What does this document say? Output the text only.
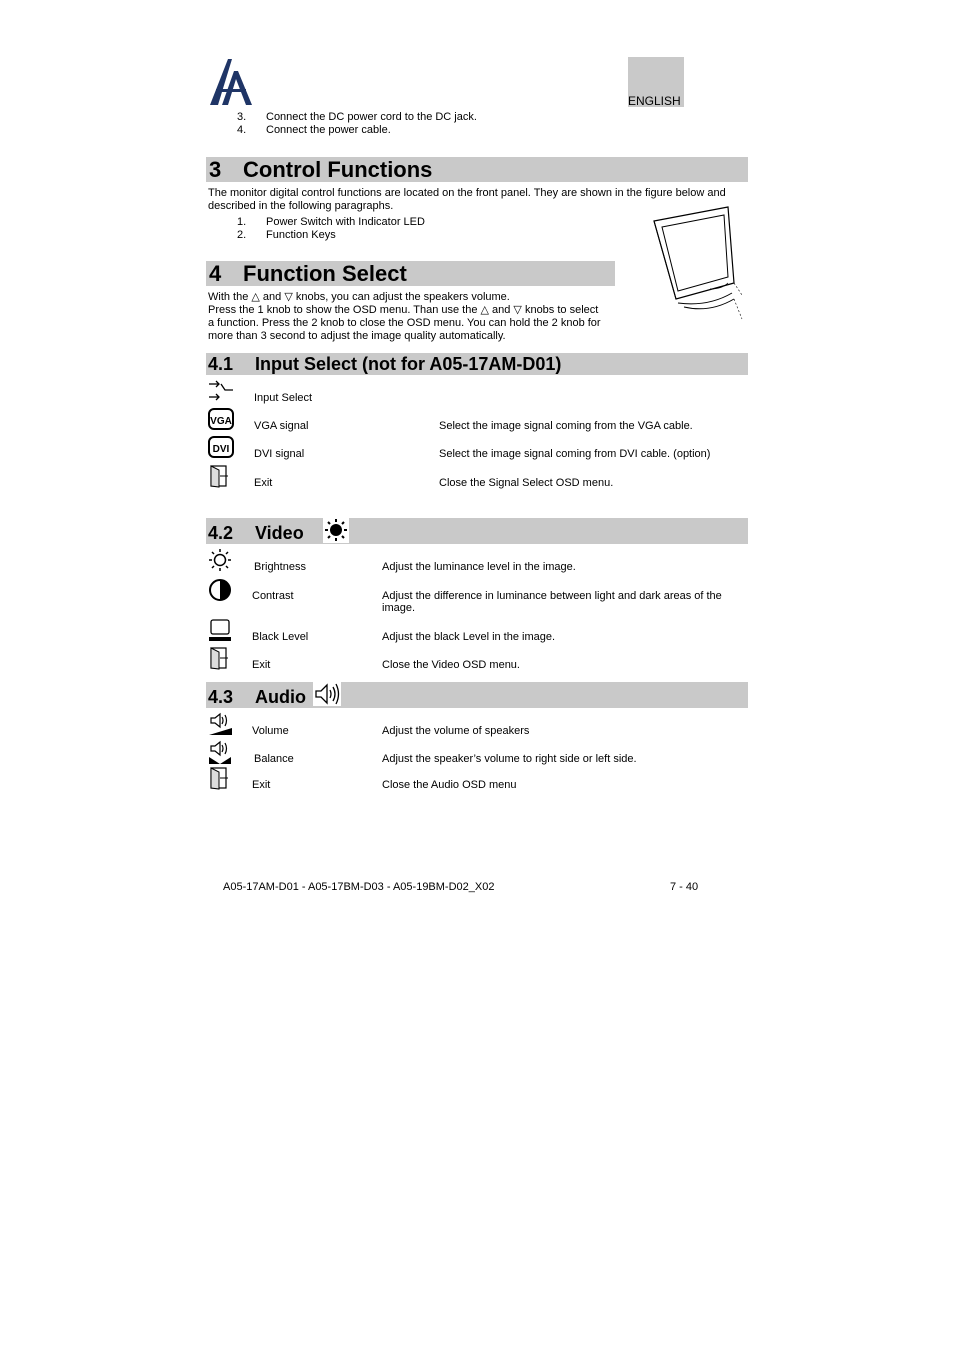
ENGLISH
3. Connect the DC power cord to the DC jack.
4. Connect the power cable.
3 Control Functions
The monitor digital control functions are located on the front panel. They are shown in the figure below and described in the following paragraphs.
1. Power Switch with Indicator LED
2. Function Keys
4 Function Select
With the △ and ▽ knobs, you can adjust the speakers volume.
Press the 1 knob to show the OSD menu. Than use the △ and ▽ knobs to select
a function. Press the 2 knob to close the OSD menu. You can hold the 2 knob for
more than 3 second to adjust the image quality automatically.
4.1 Input Select (not for A05-17AM-D01)
Input Select
VGA VGA signal	Select the image signal coming from the VGA cable.
DVI DVI signal	Select the image signal coming from DVI cable. (option)
Exit	Close the Signal Select OSD menu.
4.2 Video
Brightness	Adjust the luminance level in the image.
Contrast	Adjust the difference in luminance between light and dark areas of the image.
Black Level	Adjust the black Level in the image.
Exit	Close the Video OSD menu.
4.3 Audio
Volume	Adjust the volume of speakers
Balance	Adjust the speaker’s volume to right side or left side.
Exit	Close the Audio OSD menu
A05-17AM-D01 - A05-17BM-D03 - A05-19BM-D02_X02	7 - 40
